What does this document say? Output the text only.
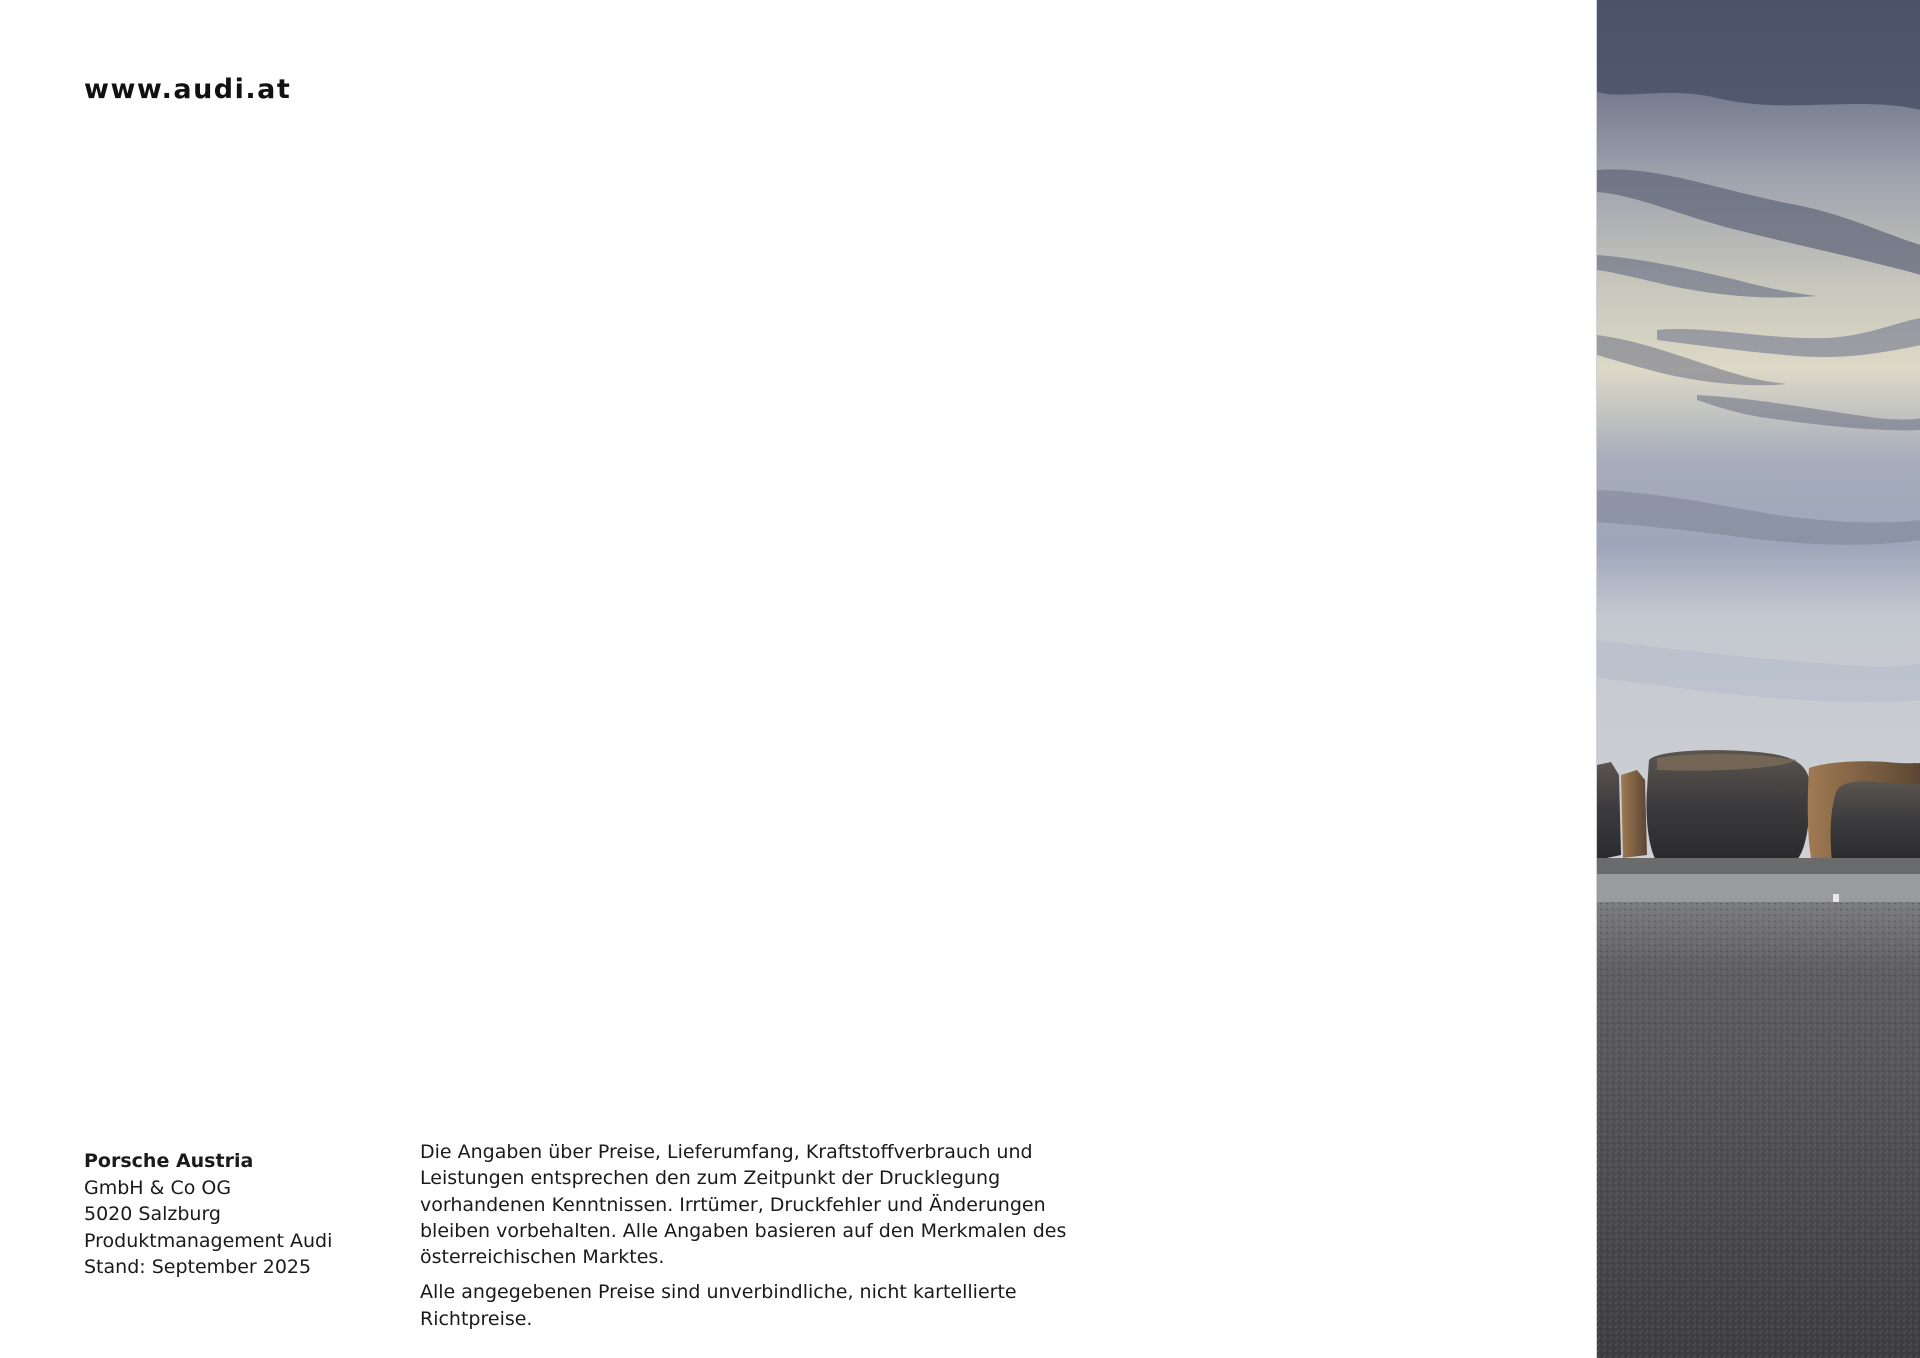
www.audi.at
Porsche Austria
GmbH & Co OG
5020 Salzburg
Produktmanagement Audi
Stand: September 2025

Die Angaben über Preise, Lieferumfang, Kraftstoffverbrauch und Leistungen entsprechen den zum Zeitpunkt der Drucklegung vorhandenen Kenntnissen. Irrtümer, Druckfehler und Änderungen bleiben vorbehalten. Alle Angaben basieren auf den Merkmalen des österreichischen Marktes.

Alle angegebenen Preise sind unverbindliche, nicht kartellierte Richtpreise.
